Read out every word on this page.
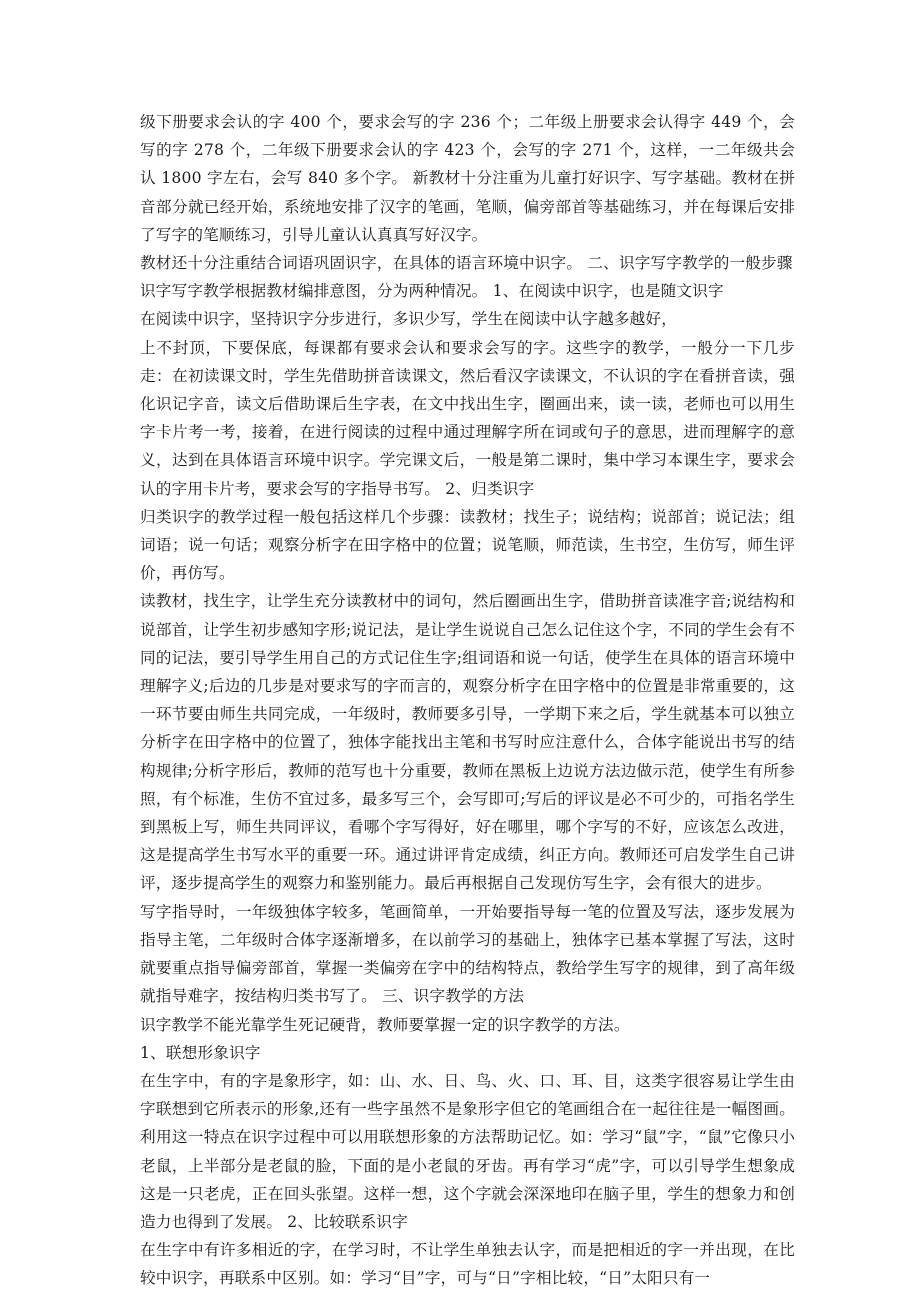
级下册要求会认的字 400 个，要求会写的字 236 个；二年级上册要求会认得字 449 个，会写的字 278 个，二年级下册要求会认的字 423 个，会写的字 271 个，这样，一二年级共会认 1800 字左右，会写 840 多个字。 新教材十分注重为儿童打好识字、写字基础。教材在拼音部分就已经开始，系统地安排了汉字的笔画，笔顺，偏旁部首等基础练习，并在每课后安排了写字的笔顺练习，引导儿童认认真真写好汉字。

教材还十分注重结合词语巩固识字，在具体的语言环境中识字。 二、识字写字教学的一般步骤

识字写字教学根据教材编排意图，分为两种情况。 1、在阅读中识字，也是随文识字

在阅读中识字，坚持识字分步进行，多识少写，学生在阅读中认字越多越好，

上不封顶，下要保底，每课都有要求会认和要求会写的字。这些字的教学，一般分一下几步走：在初读课文时，学生先借助拼音读课文，然后看汉字读课文，不认识的字在看拼音读，强化识记字音，读文后借助课后生字表，在文中找出生字，圈画出来，读一读，老师也可以用生字卡片考一考，接着，在进行阅读的过程中通过理解字所在词或句子的意思，进而理解字的意义，达到在具体语言环境中识字。学完课文后，一般是第二课时，集中学习本课生字，要求会认的字用卡片考，要求会写的字指导书写。 2、归类识字

归类识字的教学过程一般包括这样几个步骤：读教材；找生子；说结构；说部首；说记法；组词语；说一句话；观察分析字在田字格中的位置；说笔顺，师范读，生书空，生仿写，师生评价，再仿写。

读教材，找生字，让学生充分读教材中的词句，然后圈画出生字，借助拼音读准字音;说结构和说部首，让学生初步感知字形;说记法，是让学生说说自己怎么记住这个字，不同的学生会有不同的记法，要引导学生用自己的方式记住生字;组词语和说一句话，使学生在具体的语言环境中理解字义;后边的几步是对要求写的字而言的，观察分析字在田字格中的位置是非常重要的，这一环节要由师生共同完成，一年级时，教师要多引导，一学期下来之后，学生就基本可以独立分析字在田字格中的位置了，独体字能找出主笔和书写时应注意什么，合体字能说出书写的结构规律;分析字形后，教师的范写也十分重要，教师在黑板上边说方法边做示范，使学生有所参照，有个标准，生仿不宜过多，最多写三个，会写即可;写后的评议是必不可少的，可指名学生到黑板上写，师生共同评议，看哪个字写得好，好在哪里，哪个字写的不好，应该怎么改进，这是提高学生书写水平的重要一环。通过讲评肯定成绩，纠正方向。教师还可启发学生自己讲评，逐步提高学生的观察力和鉴别能力。最后再根据自己发现仿写生字，会有很大的进步。

写字指导时，一年级独体字较多，笔画简单，一开始要指导每一笔的位置及写法，逐步发展为指导主笔，二年级时合体字逐渐增多，在以前学习的基础上，独体字已基本掌握了写法，这时就要重点指导偏旁部首，掌握一类偏旁在字中的结构特点，教给学生写字的规律，到了高年级就指导难字，按结构归类书写了。 三、识字教学的方法

识字教学不能光靠学生死记硬背，教师要掌握一定的识字教学的方法。

1、联想形象识字

在生字中，有的字是象形字，如：山、水、日、鸟、火、口、耳、目，这类字很容易让学生由字联想到它所表示的形象,还有一些字虽然不是象形字但它的笔画组合在一起往往是一幅图画。利用这一特点在识字过程中可以用联想形象的方法帮助记忆。如：学习“鼠”字，“鼠”它像只小老鼠，上半部分是老鼠的脸，下面的是小老鼠的牙齿。再有学习“虎”字，可以引导学生想象成这是一只老虎，正在回头张望。这样一想，这个字就会深深地印在脑子里，学生的想象力和创造力也得到了发展。 2、比较联系识字

在生字中有许多相近的字，在学习时，不让学生单独去认字，而是把相近的字一并出现，在比较中识字，再联系中区别。如：学习“目”字，可与“日”字相比较，“日”太阳只有一
